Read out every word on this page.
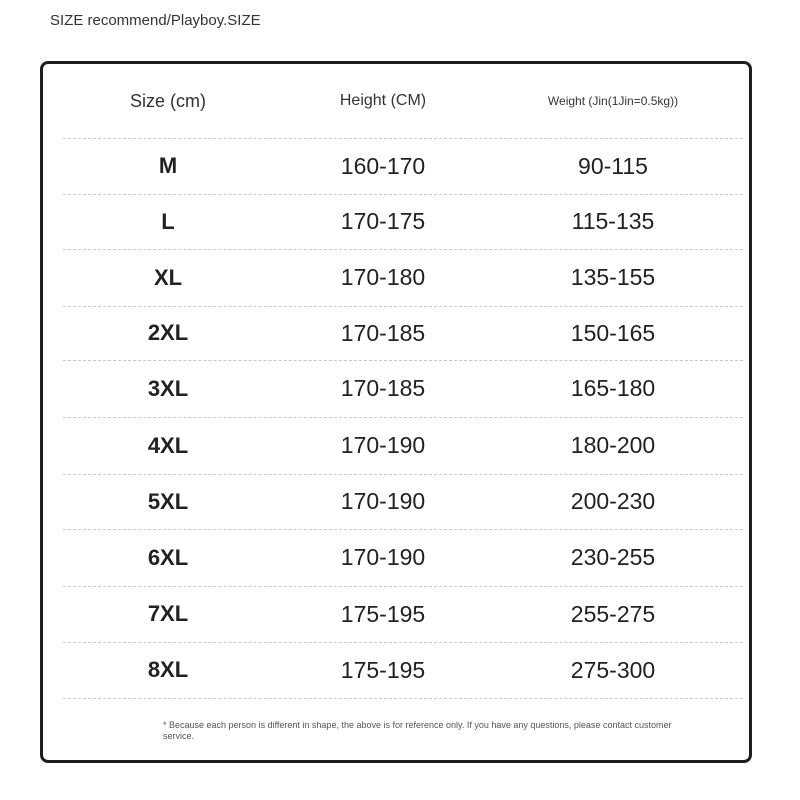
SIZE recommend/Playboy.SIZE
Size (cm)	Height (CM)	Weight (Jin(1Jin=0.5kg))
M	160-170	90-115
L	170-175	115-135
XL	170-180	135-155
2XL	170-185	150-165
3XL	170-185	165-180
4XL	170-190	180-200
5XL	170-190	200-230
6XL	170-190	230-255
7XL	175-195	255-275
8XL	175-195	275-300
* Because each person is different in shape, the above is for reference only. If you have any questions, please contact customer service.
